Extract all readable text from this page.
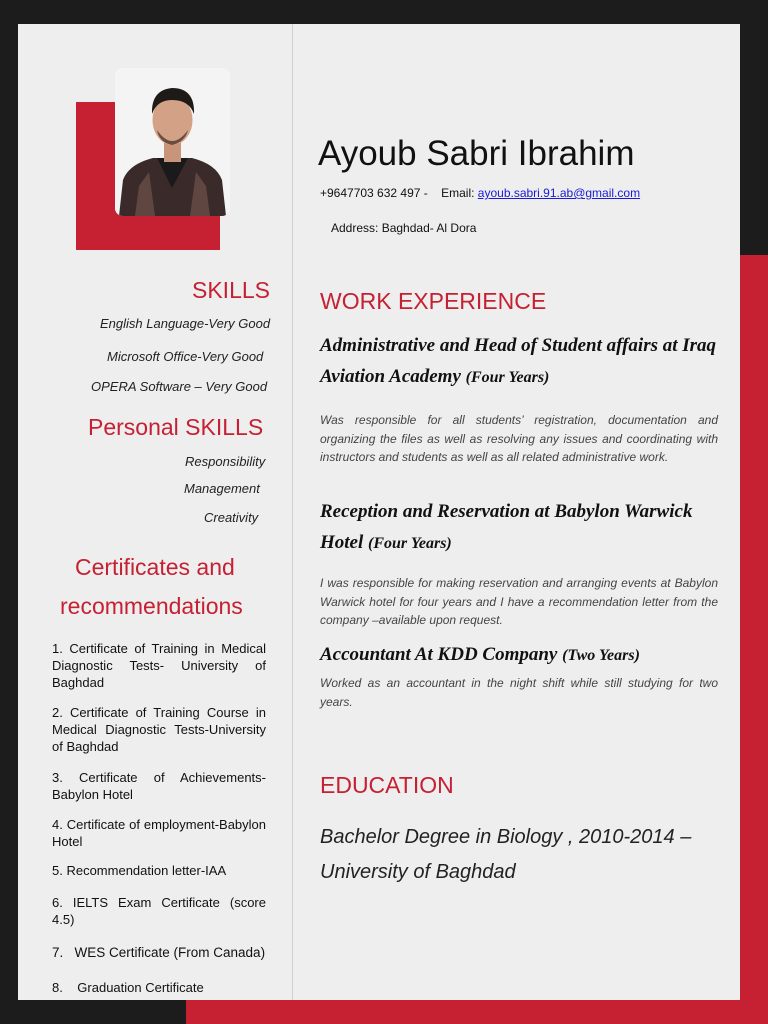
SKILLS
English Language-Very Good
Microsoft Office-Very Good
OPERA Software – Very Good
Personal SKILLS
Responsibility
Management
Creativity
Certificates and
recommendations
1. Certificate of Training in Medical Diagnostic Tests- University of Baghdad
2. Certificate of Training Course in Medical Diagnostic Tests-University of Baghdad
3. Certificate of Achievements-Babylon Hotel
4. Certificate of employment-Babylon Hotel
5. Recommendation letter-IAA
6. IELTS Exam Certificate (score 4.5)
7.   WES Certificate (From Canada)
8.    Graduation Certificate
Ayoub Sabri Ibrahim
+9647703 632 497 - Email: ayoub.sabri.91.ab@gmail.com
Address: Baghdad- Al Dora
WORK EXPERIENCE
Administrative and Head of Student affairs at Iraq Aviation Academy (Four Years)
Was responsible for all students’ registration, documentation and organizing the files as well as resolving any issues and coordinating with instructors and students as well as all related administrative work.
Reception and Reservation at Babylon Warwick Hotel (Four Years)
I was responsible for making reservation and arranging events at Babylon Warwick hotel for four years and I have a recommendation letter from the company –available upon request.
Accountant At KDD Company (Two Years)
Worked as an accountant in the night shift while still studying for two years.
EDUCATION
Bachelor Degree in Biology , 2010-2014 –
University of Baghdad
